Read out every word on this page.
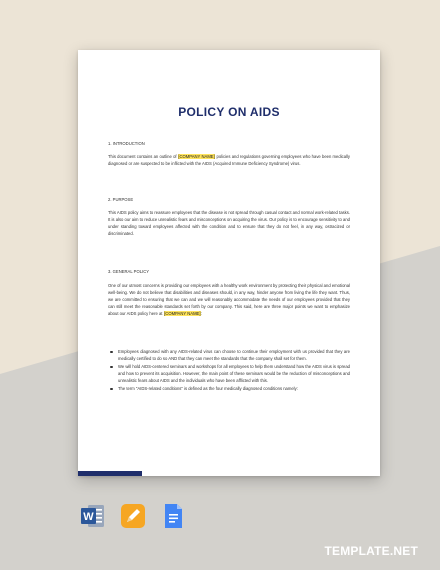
POLICY ON AIDS
1. INTRODUCTION
This document contains an outline of [COMPANY NAME] policies and regulations governing employees who have been medically diagnosed or are suspected to be inflicted with the AIDS (Acquired Immune Deficiency Syndrome) virus.
2. PURPOSE
This AIDS policy aims to reassure employees that the disease is not spread through casual contact and normal work-related tasks. It is also our aim to reduce unrealistic fears and misconceptions on acquiring the virus. Our policy is to encourage sensitivity to and under standing toward employees affected with the condition and to ensure that they do not feel, in any way, ostracized or discriminated.
3. GENERAL POLICY
One of our utmost concerns is providing our employees with a healthy work environment by protecting their physical and emotional well-being. We do not believe that disabilities and diseases should, in any way, hinder anyone from living the life they want. Thus, we are committed to ensuring that we can and we will reasonably accommodate the needs of our employees provided that they can still meet the reasonable standards set forth by our company. This said, here are three major points we want to emphasize about our AIDS policy here at [COMPANY NAME]:
Employees diagnosed with any AIDS-related virus can choose to continue their employment with us provided that they are medically certified to do so AND that they can meet the standards that the company shall set for them.
We will hold AIDS-centered seminars and workshops for all employees to help them understand how the AIDS virus is spread and how to prevent its acquisition. However, the main point of these seminars would be the reduction of misconceptions and unrealistic fears about AIDS and the individuals who have been afflicted with this.
The term "AIDS-related conditions" is defined as the four medically diagnosed conditions namely:
W
TEMPLATE.NET
